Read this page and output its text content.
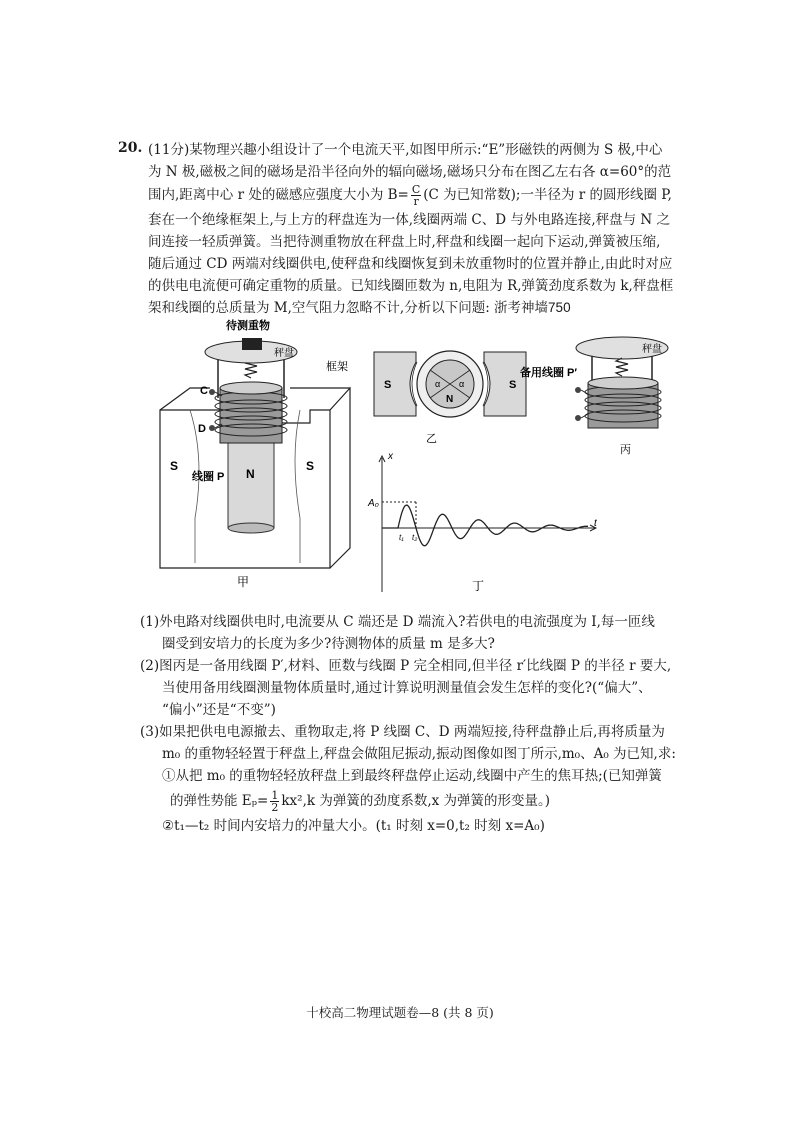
20. (11分)某物理兴趣小组设计了一个电流天平,如图甲所示:“E”形磁铁的两侧为 S 极,中心
为 N 极,磁极之间的磁场是沿半径向外的辐向磁场,磁场只分布在图乙左右各 α=60°的范
围内,距离中心 r 处的磁感应强度大小为 $B= \frac{C}{r} (C$ 为已知常数);一半径为 r 的圆形线圈 P,
套在一个绝缘框架上,与上方的秤盘连为一体,线圈两端 C、D 与外电路连接,秤盘与 N 之
间连接一轻质弹簧。当把待测重物放在秤盘上时,秤盘和线圈一起向下运动,弹簧被压缩,
随后通过 CD 两端对线圈供电,使秤盘和线圈恢复到未放重物时的位置并静止,由此时对应
的供电电流便可确定重物的质量。已知线圈匝数为 n,电阻为 R,弹簧劲度系数为 k,秤盘框
架和线圈的总质量为 M,空气阻力忽略不计,分析以下问题: 浙考神墙750
待测重物
秤盘
框架
C
D
线圈 P N
S	S
甲
S	S
N
α α
乙
备用线圈 P′
秤盘
丙
x
t
A₀
t₁ t₂
丁
(1)外电路对线圈供电时,电流要从 C 端还是 D 端流入?若供电的电流强度为 I,每一匝线
圈受到安培力的长度为多少?待测物体的质量 m 是多大?
(2)图丙是一备用线圈 P′,材料、匝数与线圈 P 完全相同,但半径 r′比线圈 P 的半径 r 要大,
当使用备用线圈测量物体质量时,通过计算说明测量值会发生怎样的变化?(“偏大”、
“偏小”还是“不变”)
(3)如果把供电电源撤去、重物取走,将 P 线圈 C、D 两端短接,待秤盘静止后,再将质量为
m₀ 的重物轻轻置于秤盘上,秤盘会做阻尼振动,振动图像如图丁所示,m₀、A₀ 为已知,求:
①从把 m₀ 的重物轻轻放秤盘上到最终秤盘停止运动,线圈中产生的焦耳热;(已知弹簧
的弹性势能 $E_p= \frac{1}{2} kx^2,k$ 为弹簧的劲度系数,x 为弹簧的形变量。)
②t₁—t₂ 时间内安培力的冲量大小。(t₁ 时刻 x=0,t₂ 时刻 x=A₀)
十校高二物理试题卷—8 (共 8 页)
